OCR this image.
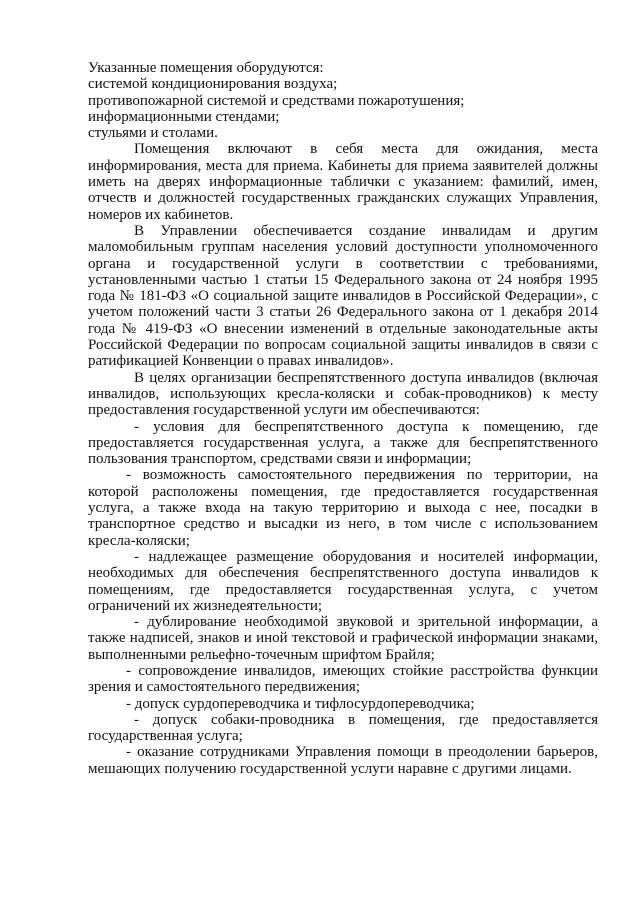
Указанные помещения оборудуются:

системой кондиционирования воздуха;

противопожарной системой и средствами пожаротушения;

информационными стендами;

стульями и столами.

Помещения включают в себя места для ожидания, места информирования, места для приема. Кабинеты для приема заявителей должны иметь на дверях информационные таблички с указанием: фамилий, имен, отчеств и должностей государственных гражданских служащих Управления, номеров их кабинетов.

В Управлении обеспечивается создание инвалидам и другим маломобильным группам населения условий доступности уполномоченного органа и государственной услуги в соответствии с требованиями, установленными частью 1 статьи 15 Федерального закона от 24 ноября 1995 года № 181-ФЗ «О социальной защите инвалидов в Российской Федерации», с учетом положений части 3 статьи 26 Федерального закона от 1 декабря 2014 года № 419-ФЗ «О внесении изменений в отдельные законодательные акты Российской Федерации по вопросам социальной защиты инвалидов в связи с ратификацией Конвенции о правах инвалидов».

В целях организации беспрепятственного доступа инвалидов (включая инвалидов, использующих кресла-коляски и собак-проводников) к месту предоставления государственной услуги им обеспечиваются:

- условия для беспрепятственного доступа к помещению, где предоставляется государственная услуга, а также для беспрепятственного пользования транспортом, средствами связи и информации;

- возможность самостоятельного передвижения по территории, на которой расположены помещения, где предоставляется государственная услуга, а также входа на такую территорию и выхода с нее, посадки в транспортное средство и высадки из него, в том числе с использованием кресла-коляски;

- надлежащее размещение оборудования и носителей информации, необходимых для обеспечения беспрепятственного доступа инвалидов к помещениям, где предоставляется государственная услуга, с учетом ограничений их жизнедеятельности;

- дублирование необходимой звуковой и зрительной информации, а также надписей, знаков и иной текстовой и графической информации знаками, выполненными рельефно-точечным шрифтом Брайля;

- сопровождение инвалидов, имеющих стойкие расстройства функции зрения и самостоятельного передвижения;

- допуск сурдопереводчика и тифлосурдопереводчика;

- допуск собаки-проводника в помещения, где предоставляется государственная услуга;

- оказание сотрудниками Управления помощи в преодолении барьеров, мешающих получению государственной услуги наравне с другими лицами.
